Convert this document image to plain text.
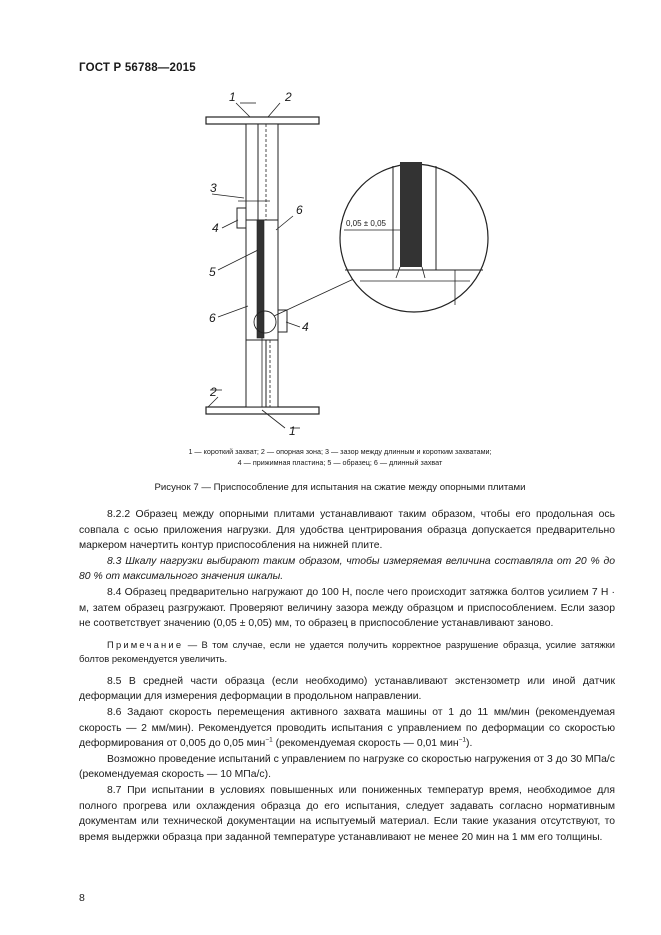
ГОСТ Р 56788—2015
0,05 ± 0,05
1	2
3
4
5
6
6
4
2
1
1 — короткий захват; 2 — опорная зона; 3 — зазор между длинным и коротким захватами;
4 — прижимная пластина; 5 — образец; 6 — длинный захват
Рисунок 7 — Приспособление для испытания на сжатие между опорными плитами

8.2.2 Образец между опорными плитами устанавливают таким образом, чтобы его продольная ось совпала с осью приложения нагрузки. Для удобства центрирования образца допускается предварительно маркером начертить контур приспособления на нижней плите.

8.3 Шкалу нагрузки выбирают таким образом, чтобы измеряемая величина составляла от 20 % до 80 % от максимального значения шкалы.

8.4 Образец предварительно нагружают до 100 Н, после чего происходит затяжка болтов усилием 7 Н · м, затем образец разгружают. Проверяют величину зазора между образцом и приспособлением. Если зазор не соответствует значению (0,05 ± 0,05) мм, то образец в приспособление устанавливают заново.

Примечание — В том случае, если не удается получить корректное разрушение образца, усилие затяжки болтов рекомендуется увеличить.

8.5 В средней части образца (если необходимо) устанавливают экстензометр или иной датчик деформации для измерения деформации в продольном направлении.

8.6 Задают скорость перемещения активного захвата машины от 1 до 11 мм/мин (рекомендуемая скорость — 2 мм/мин). Рекомендуется проводить испытания с управлением по деформации со скоростью деформирования от 0,005 до 0,05 мин$^{-1}$ (рекомендуемая скорость — 0,01 мин$^{-1}$).

Возможно проведение испытаний с управлением по нагрузке со скоростью нагружения от 3 до 30 МПа/с (рекомендуемая скорость — 10 МПа/с).

8.7 При испытании в условиях повышенных или пониженных температур время, необходимое для полного прогрева или охлаждения образца до его испытания, следует задавать согласно нормативным документам или технической документации на испытуемый материал. Если такие указания отсутствуют, то время выдержки образца при заданной температуре устанавливают не менее 20 мин на 1 мм его толщины.

8
